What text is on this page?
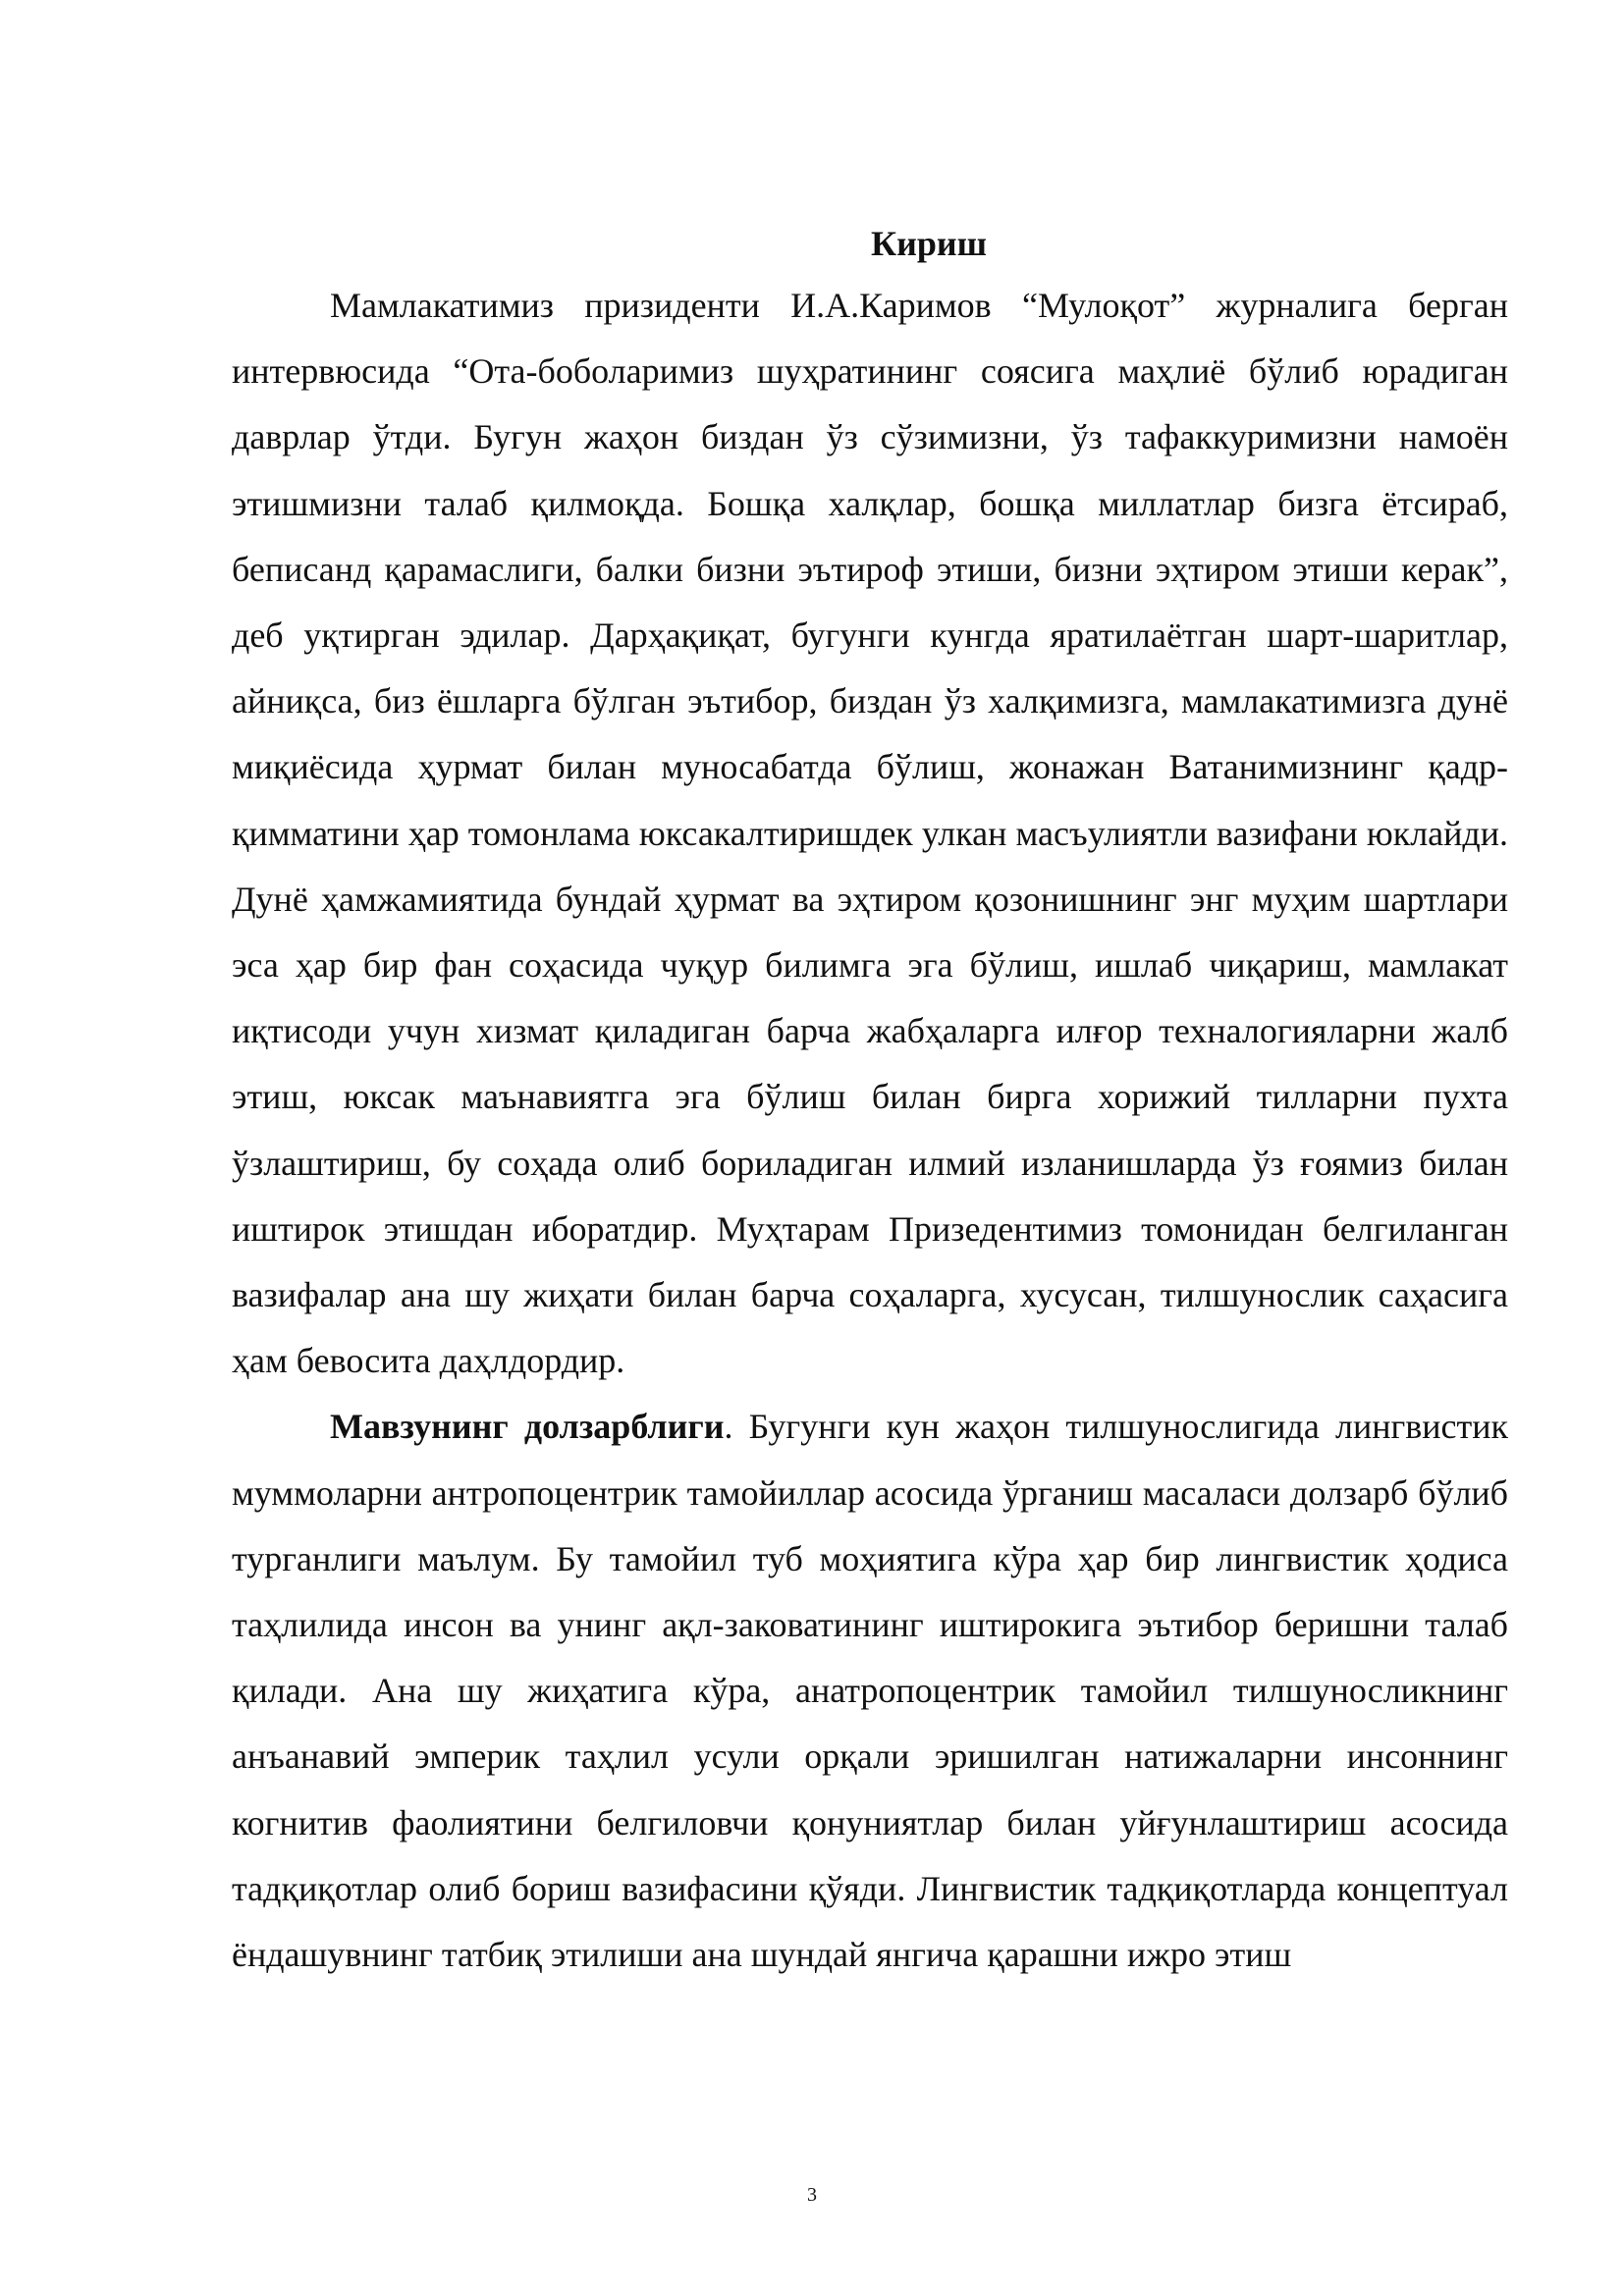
Кириш

Мамлакатимиз призиденти И.А.Каримов “Мулоқот” журналига берган интервюсида “Ота-боболаримиз шуҳратининг соясига маҳлиё бўлиб юрадиган даврлар ўтди. Бугун жаҳон биздан ўз сўзимизни, ўз тафаккуримизни намоён этишмизни талаб қилмоқда. Бошқа халқлар, бошқа миллатлар бизга ётсираб, беписанд қарамаслиги, балки бизни эътироф этиши, бизни эҳтиром этиши керак”, деб уқтирган эдилар. Дарҳақиқат, бугунги кунгда яратилаётган шарт-шаритлар, айниқса, биз ёшларга бўлган эътибор, биздан ўз халқимизга, мамлакатимизга дунё миқиёсида ҳурмат билан муносабатда бўлиш, жонажан Ватанимизнинг қадр-қимматини ҳар томонлама юксакалтиришдек улкан масъулиятли вазифани юклайди. Дунё ҳамжамиятида бундай ҳурмат ва эҳтиром қозонишнинг энг муҳим шартлари эса ҳар бир фан соҳасида чуқур билимга эга бўлиш, ишлаб чиқариш, мамлакат иқтисоди учун хизмат қиладиган барча жабҳаларга илғор техналогияларни жалб этиш, юксак маънавиятга эга бўлиш билан бирга хорижий тилларни пухта ўзлаштириш, бу соҳада олиб бориладиган илмий изланишларда ўз ғоямиз билан иштирок этишдан иборатдир. Муҳтарам Призедентимиз томонидан белгиланган вазифалар ана шу жиҳати билан барча соҳаларга, хусусан, тилшунослик саҳасига ҳам бевосита даҳлдордир.

Мавзунинг долзарблиги. Бугунги кун жаҳон тилшунослигида лингвистик муммоларни антропоцентрик тамойиллар асосида ўрганиш масаласи долзарб бўлиб турганлиги маълум. Бу тамойил туб моҳиятига кўра ҳар бир лингвистик ҳодиса таҳлилида инсон ва унинг ақл-заковатининг иштирокига эътибор беришни талаб қилади. Ана шу жиҳатига кўра, анатропоцентрик тамойил тилшуносликнинг анъанавий эмперик таҳлил усули орқали эришилган натижаларни инсоннинг когнитив фаолиятини белгиловчи қонуниятлар билан уйғунлаштириш асосида тадқиқотлар олиб бориш вазифасини қўяди. Лингвистик тадқиқотларда концептуал ёндашувнинг татбиқ этилиши ана шундай янгича қарашни ижро этиш

3
